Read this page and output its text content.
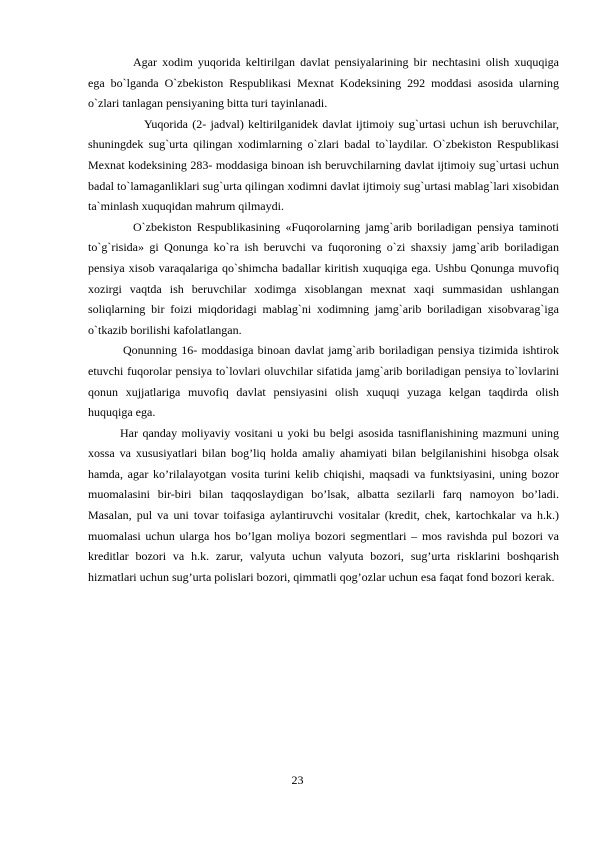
Agar xodim yuqorida keltirilgan davlat pensiyalarining bir nechtasini olish xuquqiga ega bo`lganda O`zbekiston Respublikasi Mexnat Kodeksining 292 moddasi asosida ularning o`zlari tanlagan pensiyaning bitta turi tayinlanadi.

Yuqorida (2- jadval) keltirilganidek davlat ijtimoiy sug`urtasi uchun ish beruvchilar, shuningdek sug`urta qilingan xodimlarning o`zlari badal to`laydilar. O`zbekiston Respublikasi Mexnat kodeksining 283- moddasiga binoan ish beruvchilarning davlat ijtimoiy sug`urtasi uchun badal to`lamaganliklari sug`urta qilingan xodimni davlat ijtimoiy sug`urtasi mablag`lari xisobidan ta`minlash xuquqidan mahrum qilmaydi.

O`zbekiston Respublikasining «Fuqorolarning jamg`arib boriladigan pensiya taminoti to`g`risida» gi Qonunga ko`ra ish beruvchi va fuqoroning o`zi shaxsiy jamg`arib boriladigan pensiya xisob varaqalariga qo`shimcha badallar kiritish xuquqiga ega. Ushbu Qonunga muvofiq xozirgi vaqtda ish beruvchilar xodimga xisoblangan mexnat xaqi summasidan ushlangan soliqlarning bir foizi miqdoridagi mablag`ni xodimning jamg`arib boriladigan xisobvarag`iga o`tkazib borilishi kafolatlangan.

Qonunning 16- moddasiga binoan davlat jamg`arib boriladigan pensiya tizimida ishtirok etuvchi fuqorolar pensiya to`lovlari oluvchilar sifatida jamg`arib boriladigan pensiya to`lovlarini qonun xujjatlariga muvofiq davlat pensiyasini olish xuquqi yuzaga kelgan taqdirda olish huquqiga ega.

Har qanday moliyaviy vositani u yoki bu belgi asosida tasniflanishining mazmuni uning xossa va xususiyatlari bilan bog’liq holda amaliy ahamiyati bilan belgilanishini hisobga olsak hamda, agar ko’rilalayotgan vosita turini kelib chiqishi, maqsadi va funktsiyasini, uning bozor muomalasini bir-biri bilan taqqoslaydigan bo’lsak, albatta sezilarli farq namoyon bo’ladi. Masalan, pul va uni tovar toifasiga aylantiruvchi vositalar (kredit, chek, kartochkalar va h.k.) muomalasi uchun ularga hos bo’lgan moliya bozori segmentlari – mos ravishda pul bozori va kreditlar bozori va h.k. zarur, valyuta uchun valyuta bozori, sug’urta risklarini boshqarish hizmatlari uchun sug’urta polislari bozori, qimmatli qog’ozlar uchun esa faqat fond bozori kerak.

23
